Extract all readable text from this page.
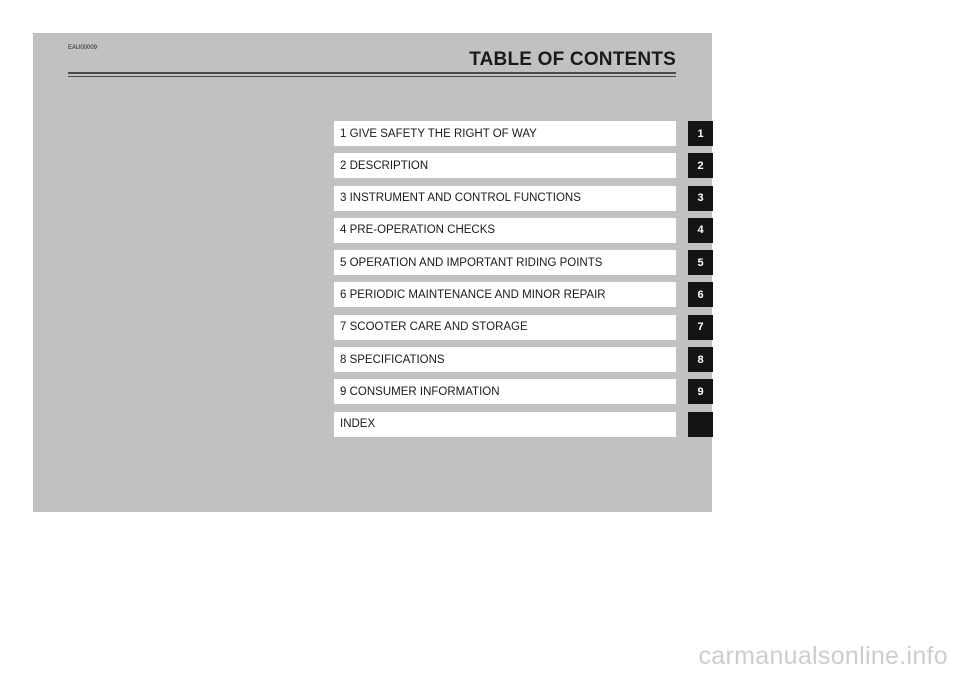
EAU00009
TABLE OF CONTENTS
1 GIVE SAFETY THE RIGHT OF WAY
2 DESCRIPTION
3 INSTRUMENT AND CONTROL FUNCTIONS
4 PRE-OPERATION CHECKS
5 OPERATION AND IMPORTANT RIDING POINTS
6 PERIODIC MAINTENANCE AND MINOR REPAIR
7 SCOOTER CARE AND STORAGE
8 SPECIFICATIONS
9 CONSUMER INFORMATION
INDEX
1
2
3
4
5
6
7
8
9
carmanualsonline.info
